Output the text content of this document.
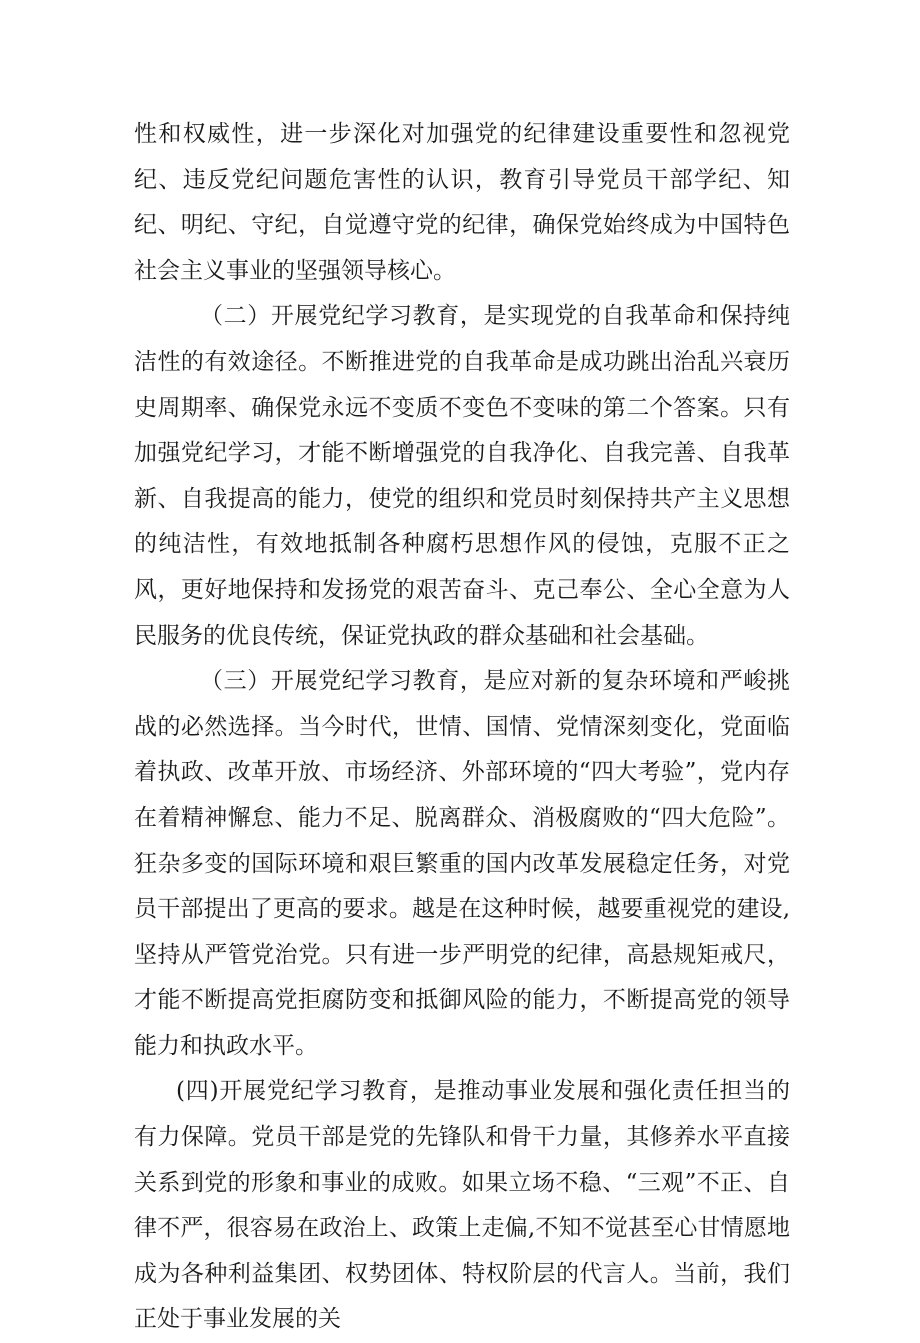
性和权威性，进一步深化对加强党的纪律建设重要性和忽视党纪、违反党纪问题危害性的认识，教育引导党员干部学纪、知纪、明纪、守纪，自觉遵守党的纪律，确保党始终成为中国特色社会主义事业的坚强领导核心。

（二）开展党纪学习教育，是实现党的自我革命和保持纯洁性的有效途径。不断推进党的自我革命是成功跳出治乱兴衰历史周期率、确保党永远不变质不变色不变味的第二个答案。只有加强党纪学习，才能不断增强党的自我净化、自我完善、自我革新、自我提高的能力，使党的组织和党员时刻保持共产主义思想的纯洁性，有效地抵制各种腐朽思想作风的侵蚀，克服不正之风，更好地保持和发扬党的艰苦奋斗、克己奉公、全心全意为人民服务的优良传统，保证党执政的群众基础和社会基础。

（三）开展党纪学习教育，是应对新的复杂环境和严峻挑战的必然选择。当今时代，世情、国情、党情深刻变化，党面临着执政、改革开放、市场经济、外部环境的“四大考验”，党内存在着精神懈怠、能力不足、脱离群众、消极腐败的“四大危险”。狂杂多变的国际环境和艰巨繁重的国内改革发展稳定任务，对党员干部提出了更高的要求。越是在这种时候，越要重视党的建设,坚持从严管党治党。只有进一步严明党的纪律，高悬规矩戒尺，才能不断提高党拒腐防变和抵御风险的能力，不断提高党的领导能力和执政水平。

(四)开展党纪学习教育，是推动事业发展和强化责任担当的有力保障。党员干部是党的先锋队和骨干力量，其修养水平直接关系到党的形象和事业的成败。如果立场不稳、“三观”不正、自律不严，很容易在政治上、政策上走偏,不知不觉甚至心甘情愿地成为各种利益集团、权势团体、特权阶层的代言人。当前，我们正处于事业发展的关
